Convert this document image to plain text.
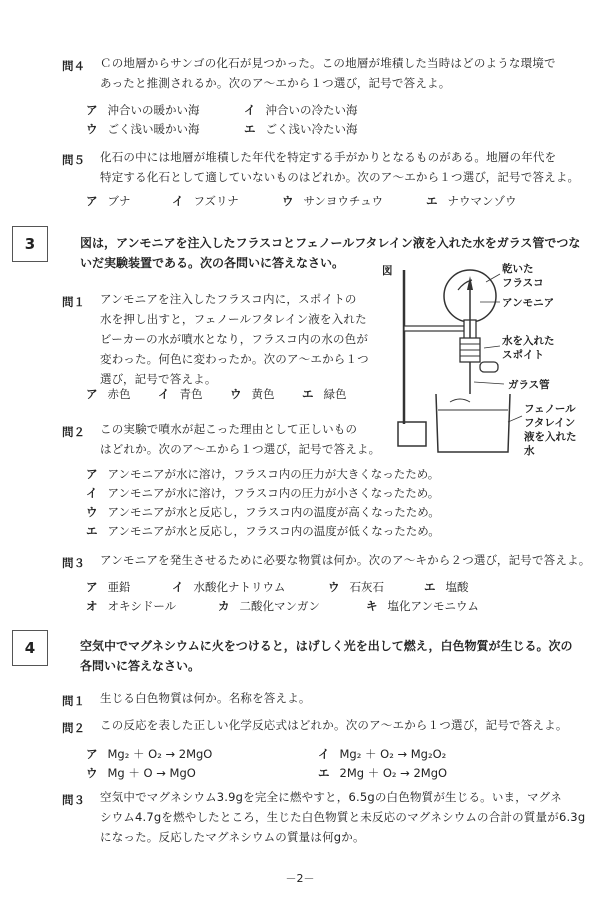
問４ Ｃの地層からサンゴの化石が見つかった。この地層が堆積した当時はどのような環境で
あったと推測されるか。次のア～エから１つ選び，記号で答えよ。
ア 沖合いの暖かい海	イ 沖合いの冷たい海
ウ ごく浅い暖かい海	エ ごく浅い冷たい海
問５ 化石の中には地層が堆積した年代を特定する手がかりとなるものがある。地層の年代を
特定する化石として適していないものはどれか。次のア～エから１つ選び，記号で答えよ。
ア ブナ	イ フズリナ	ウ サンヨウチュウ	エ ナウマンゾウ
3	図は，アンモニアを注入したフラスコとフェノールフタレイン液を入れた水をガラス管でつな
いだ実験装置である。次の各問いに答えなさい。
図	乾いた
フラスコ
アンモニア
水を入れた
スポイト
ガラス管
フェノール
フタレイン
液を入れた
水
問１ アンモニアを注入したフラスコ内に，スポイトの
水を押し出すと，フェノールフタレイン液を入れた
ビーカーの水が噴水となり，フラスコ内の水の色が
変わった。何色に変わったか。次のア～エから１つ
選び，記号で答えよ。
ア 赤色 イ 青色 ウ 黄色 エ 緑色
問２ この実験で噴水が起こった理由として正しいもの
はどれか。次のア～エから１つ選び，記号で答えよ。
ア アンモニアが水に溶け，フラスコ内の圧力が大きくなったため。
イ アンモニアが水に溶け，フラスコ内の圧力が小さくなったため。
ウ アンモニアが水と反応し，フラスコ内の温度が高くなったため。
エ アンモニアが水と反応し，フラスコ内の温度が低くなったため。
問３ アンモニアを発生させるために必要な物質は何か。次のア～キから２つ選び，記号で答えよ。
ア 亜鉛	イ 水酸化ナトリウム	ウ 石灰石	エ 塩酸
オ オキシドール	カ 二酸化マンガン	キ 塩化アンモニウム
4	空気中でマグネシウムに火をつけると，はげしく光を出して燃え，白色物質が生じる。次の
各問いに答えなさい。
問１ 生じる白色物質は何か。名称を答えよ。
問２ この反応を表した正しい化学反応式はどれか。次のア～エから１つ選び，記号で答えよ。
ア Mg₂ ＋ O₂ → 2MgO	イ Mg₂ ＋ O₂ → Mg₂O₂
ウ Mg ＋ O → MgO	エ 2Mg ＋ O₂ → 2MgO
問３ 空気中でマグネシウム3.9gを完全に燃やすと，6.5gの白色物質が生じる。いま，マグネ
シウム4.7gを燃やしたところ，生じた白色物質と未反応のマグネシウムの合計の質量が6.3g
になった。反応したマグネシウムの質量は何gか。
－2－
